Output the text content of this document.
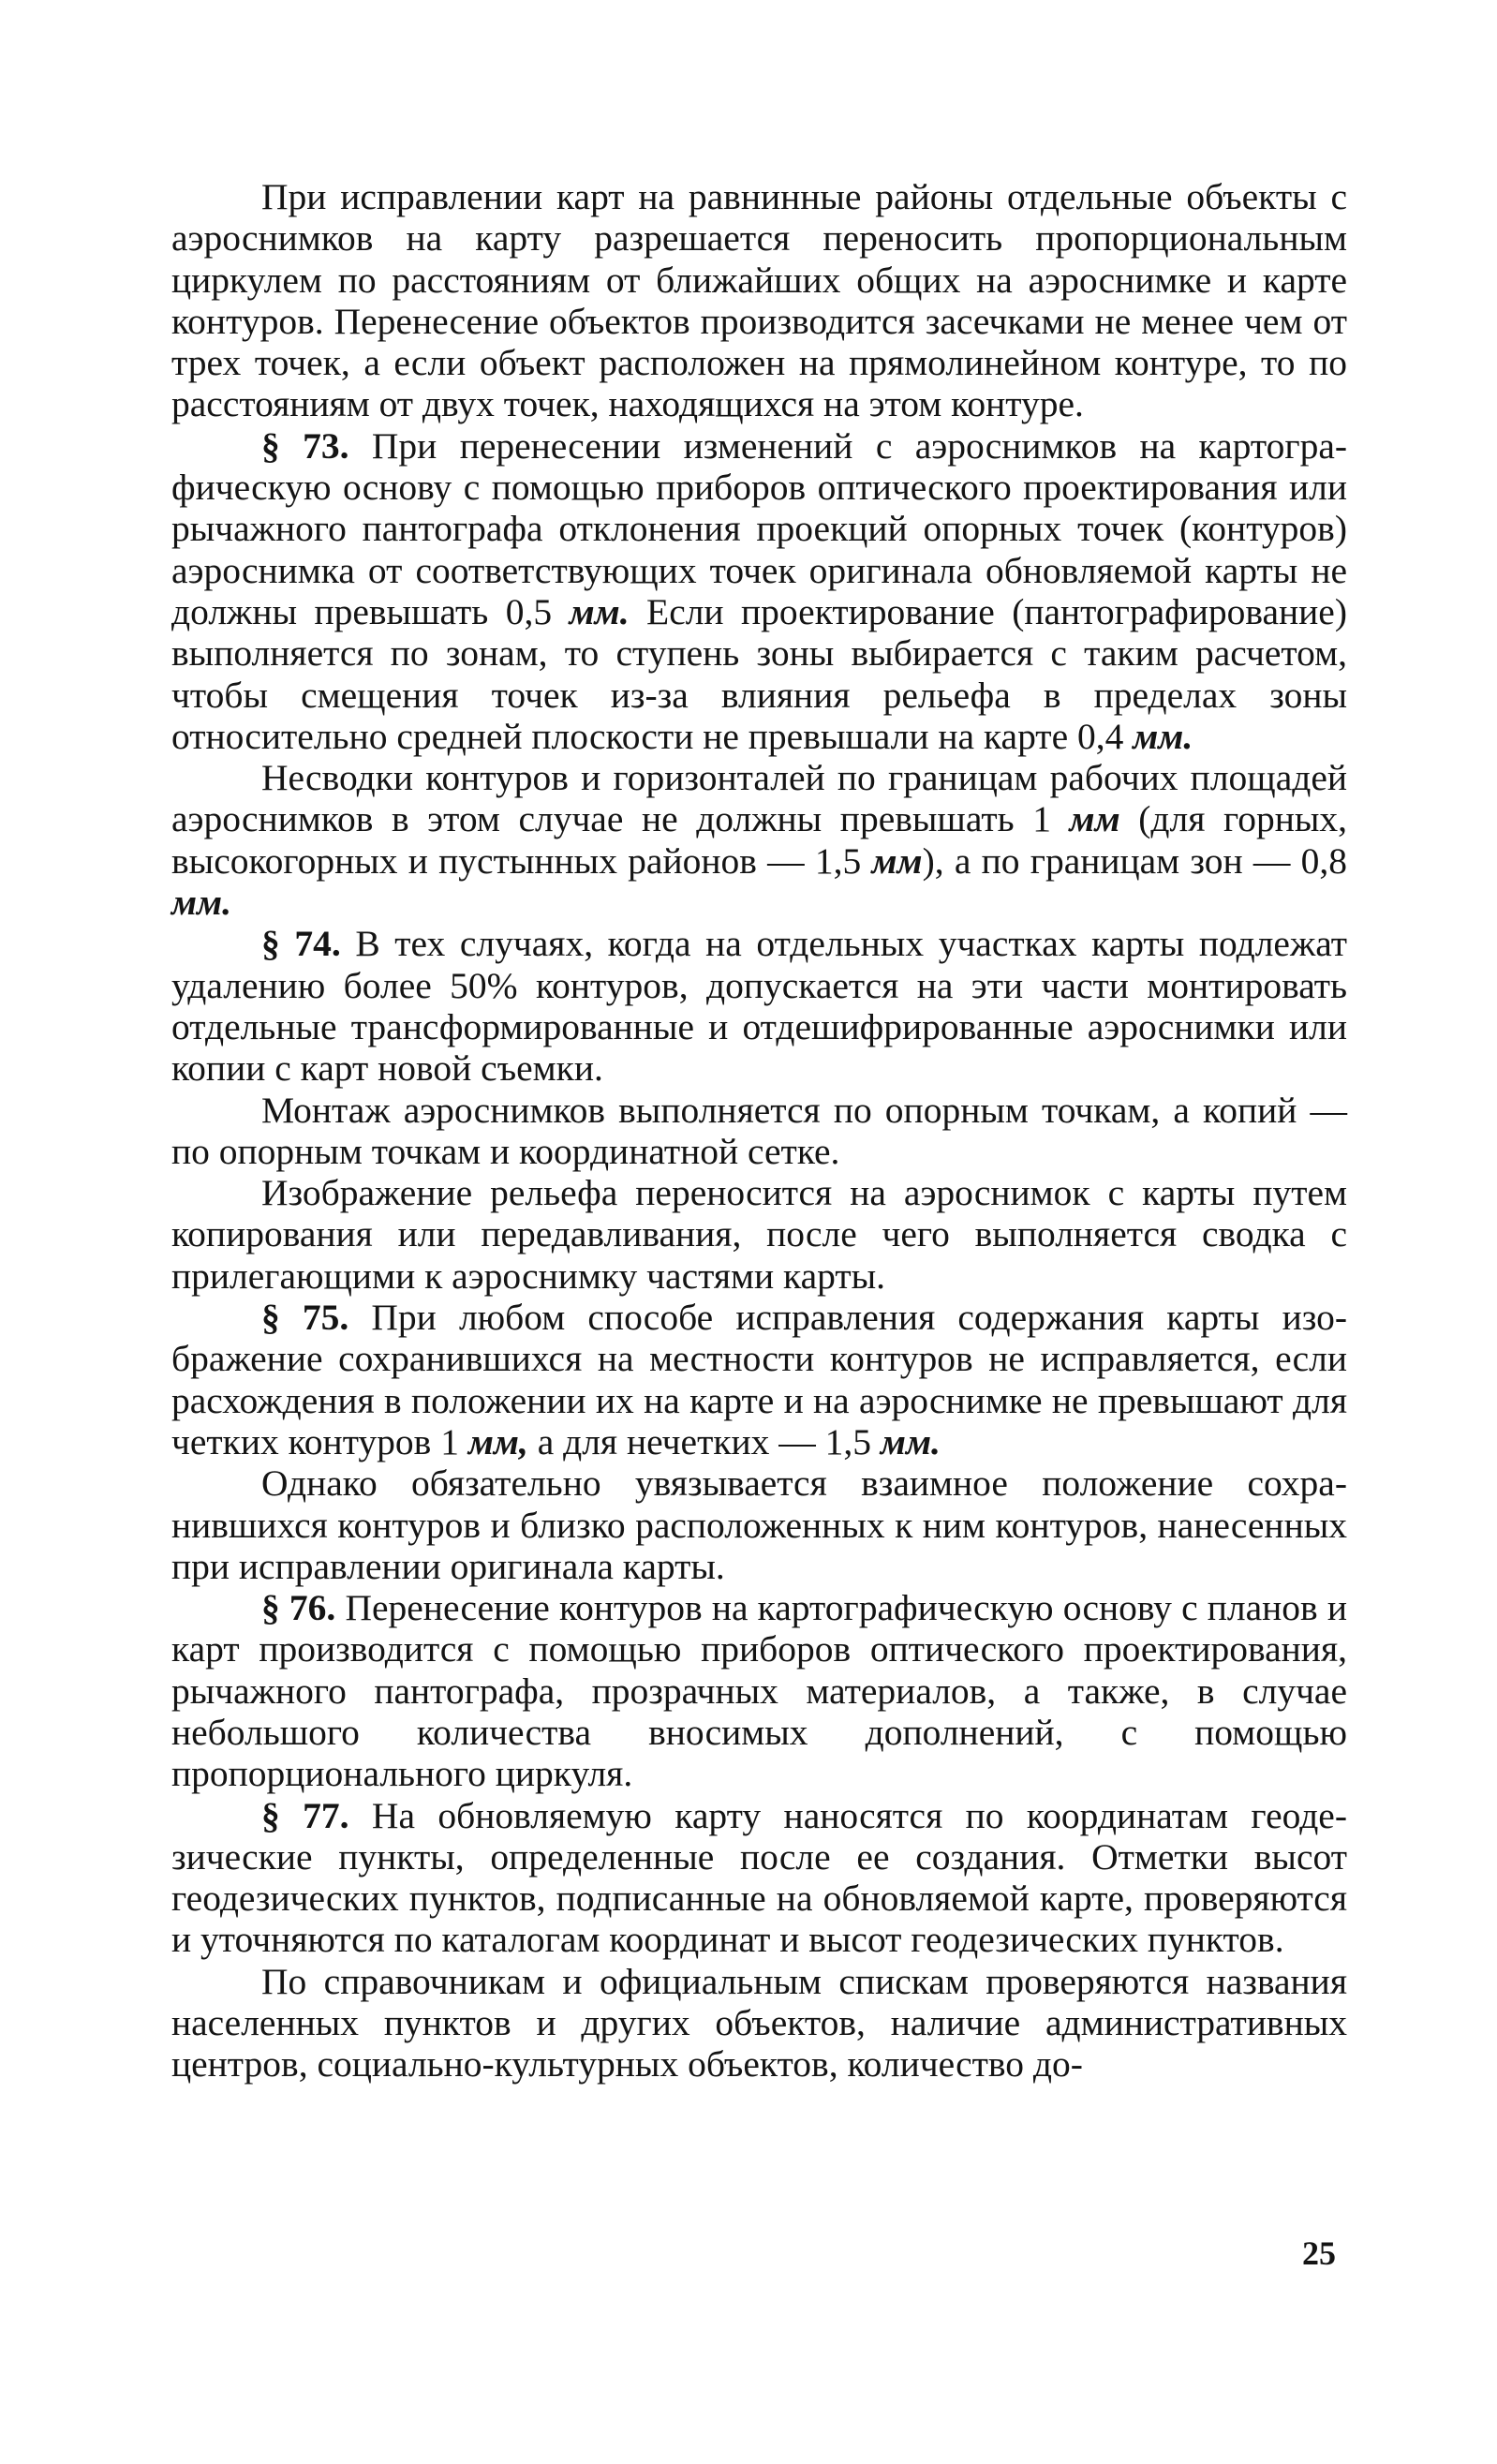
При исправлении карт на равнинные районы отдельные объекты с аэроснимков на карту разрешается переносить пропорциональным циркулем по расстояниям от ближайших общих на аэроснимке и карте контуров. Перенесение объектов производится засечками не менее чем от трех точек, а если объект расположен на прямолинейном контуре, то по расстояниям от двух точек, находящихся на этом контуре.

§ 73. При перенесении изменений с аэроснимков на картографическую основу с помощью приборов оптического проектирования или рычажного пантографа отклонения проекций опорных точек (контуров) аэроснимка от соответствующих точек оригинала обновляемой карты не должны превышать 0,5 мм. Если проектирование (пантографирование) выполняется по зонам, то ступень зоны выбирается с таким расчетом, чтобы смещения точек из-за влияния рельефа в пределах зоны относительно средней плоскости не превышали на карте 0,4 мм.

Несводки контуров и горизонталей по границам рабочих площадей аэроснимков в этом случае не должны превышать 1 мм (для горных, высокогорных и пустынных районов — 1,5 мм), а по границам зон — 0,8 мм.

§ 74. В тех случаях, когда на отдельных участках карты подлежат удалению более 50% контуров, допускается на эти части монтировать отдельные трансформированные и отдешифрированные аэроснимки или копии с карт новой съемки.

Монтаж аэроснимков выполняется по опорным точкам, а копий — по опорным точкам и координатной сетке.

Изображение рельефа переносится на аэроснимок с карты путем копирования или передавливания, после чего выполняется сводка с прилегающими к аэроснимку частями карты.

§ 75. При любом способе исправления содержания карты изображение сохранившихся на местности контуров не исправляется, если расхождения в положении их на карте и на аэроснимке не превышают для четких контуров 1 мм, а для нечетких — 1,5 мм.

Однако обязательно увязывается взаимное положение сохранившихся контуров и близко расположенных к ним контуров, нанесенных при исправлении оригинала карты.

§ 76. Перенесение контуров на картографическую основу с планов и карт производится с помощью приборов оптического проектирования, рычажного пантографа, прозрачных материалов, а также, в случае небольшого количества вносимых дополнений, с помощью пропорционального циркуля.

§ 77. На обновляемую карту наносятся по координатам геодезические пункты, определенные после ее создания. Отметки высот геодезических пунктов, подписанные на обновляемой карте, проверяются и уточняются по каталогам координат и высот геодезических пунктов.

По справочникам и официальным спискам проверяются названия населенных пунктов и других объектов, наличие административных центров, социально-культурных объектов, количество до-

25
